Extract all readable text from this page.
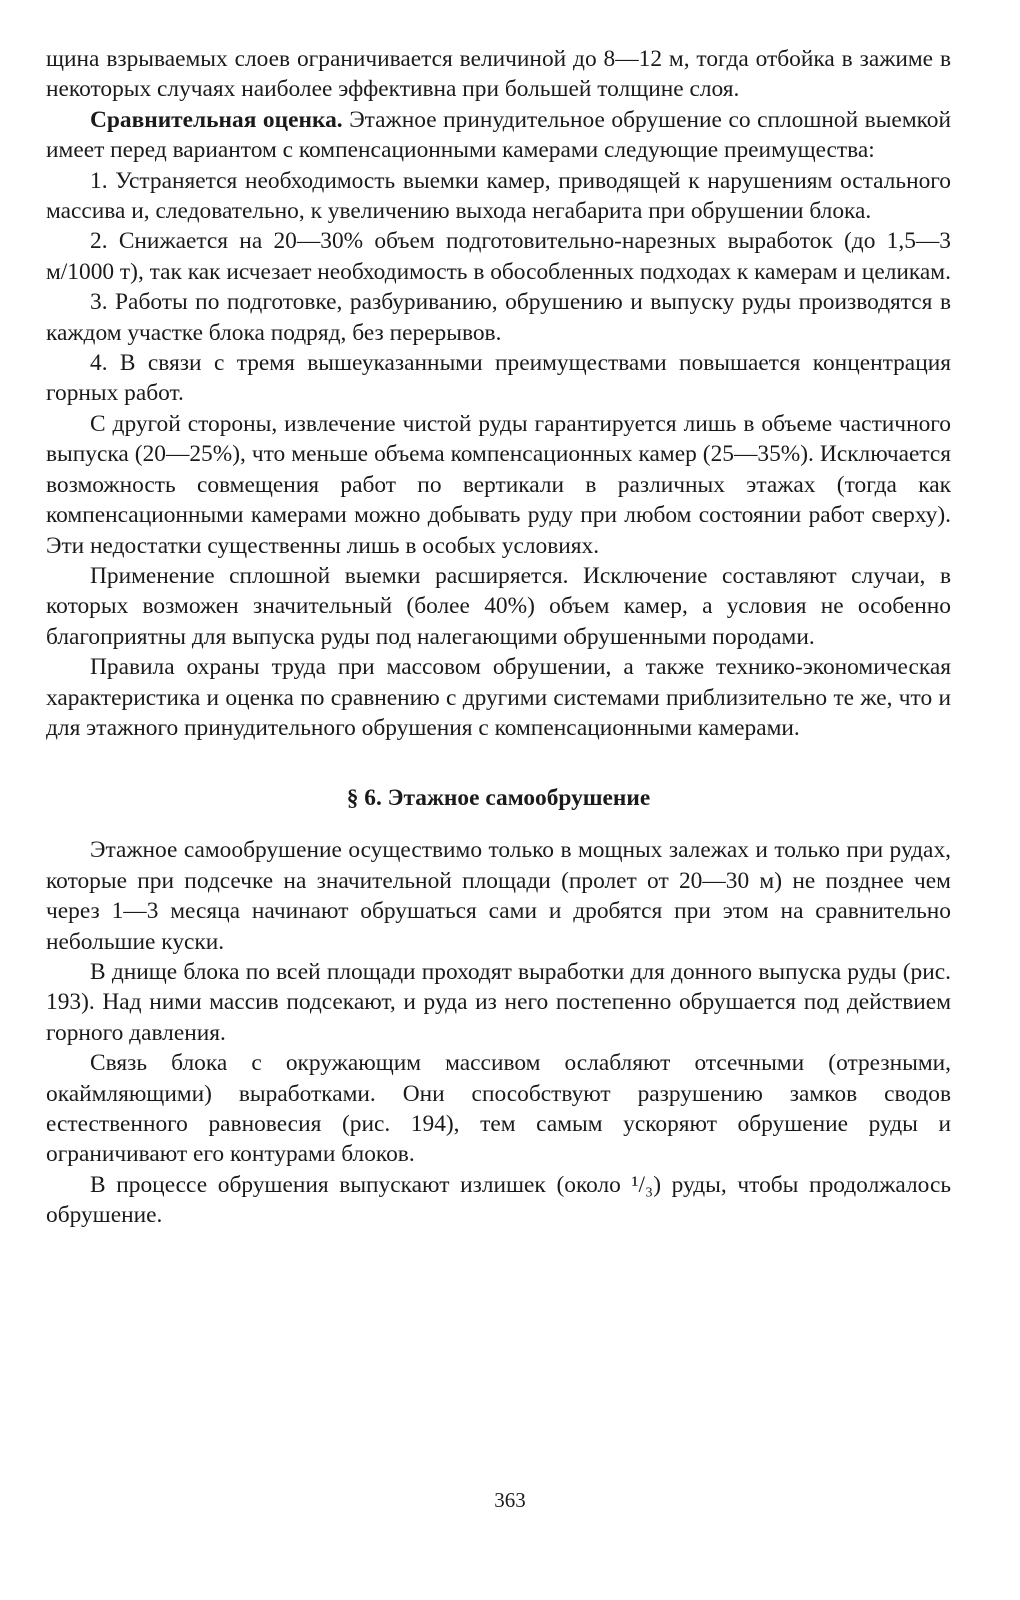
щина взрываемых слоев ограничивается величиной до 8—12 м, тогда отбойка в зажиме в некоторых случаях наиболее эффективна при большей толщине слоя.

Сравнительная оценка. Этажное принудительное обрушение со сплошной выемкой имеет перед вариантом с компенсационными камерами следующие преимущества:

1. Устраняется необходимость выемки камер, приводящей к нарушениям остального массива и, следовательно, к увеличению выхода негабарита при обрушении блока.

2. Снижается на 20—30% объем подготовительно-нарезных выработок (до 1,5—3 м/1000 т), так как исчезает необходимость в обособленных подходах к камерам и целикам.

3. Работы по подготовке, разбуриванию, обрушению и выпуску руды производятся в каждом участке блока подряд, без перерывов.

4. В связи с тремя вышеуказанными преимуществами повышается концентрация горных работ.

С другой стороны, извлечение чистой руды гарантируется лишь в объеме частичного выпуска (20—25%), что меньше объема компенсационных камер (25—35%). Исключается возможность совмещения работ по вертикали в различных этажах (тогда как компенсационными камерами можно добывать руду при любом состоянии работ сверху). Эти недостатки существенны лишь в особых условиях.

Применение сплошной выемки расширяется. Исключение составляют случаи, в которых возможен значительный (более 40%) объем камер, а условия не особенно благоприятны для выпуска руды под налегающими обрушенными породами.

Правила охраны труда при массовом обрушении, а также технико-экономическая характеристика и оценка по сравнению с другими системами приблизительно те же, что и для этажного принудительного обрушения с компенсационными камерами.

§ 6. Этажное самообрушение

Этажное самообрушение осуществимо только в мощных залежах и только при рудах, которые при подсечке на значительной площади (пролет от 20—30 м) не позднее чем через 1—3 месяца начинают обрушаться сами и дробятся при этом на сравнительно небольшие куски.

В днище блока по всей площади проходят выработки для донного выпуска руды (рис. 193). Над ними массив подсекают, и руда из него постепенно обрушается под действием горного давления.

Связь блока с окружающим массивом ослабляют отсечными (отрезными, окаймляющими) выработками. Они способствуют разрушению замков сводов естественного равновесия (рис. 194), тем самым ускоряют обрушение руды и ограничивают его контурами блоков.

В процессе обрушения выпускают излишек (около ¹/₃) руды, чтобы продолжалось обрушение.

363
